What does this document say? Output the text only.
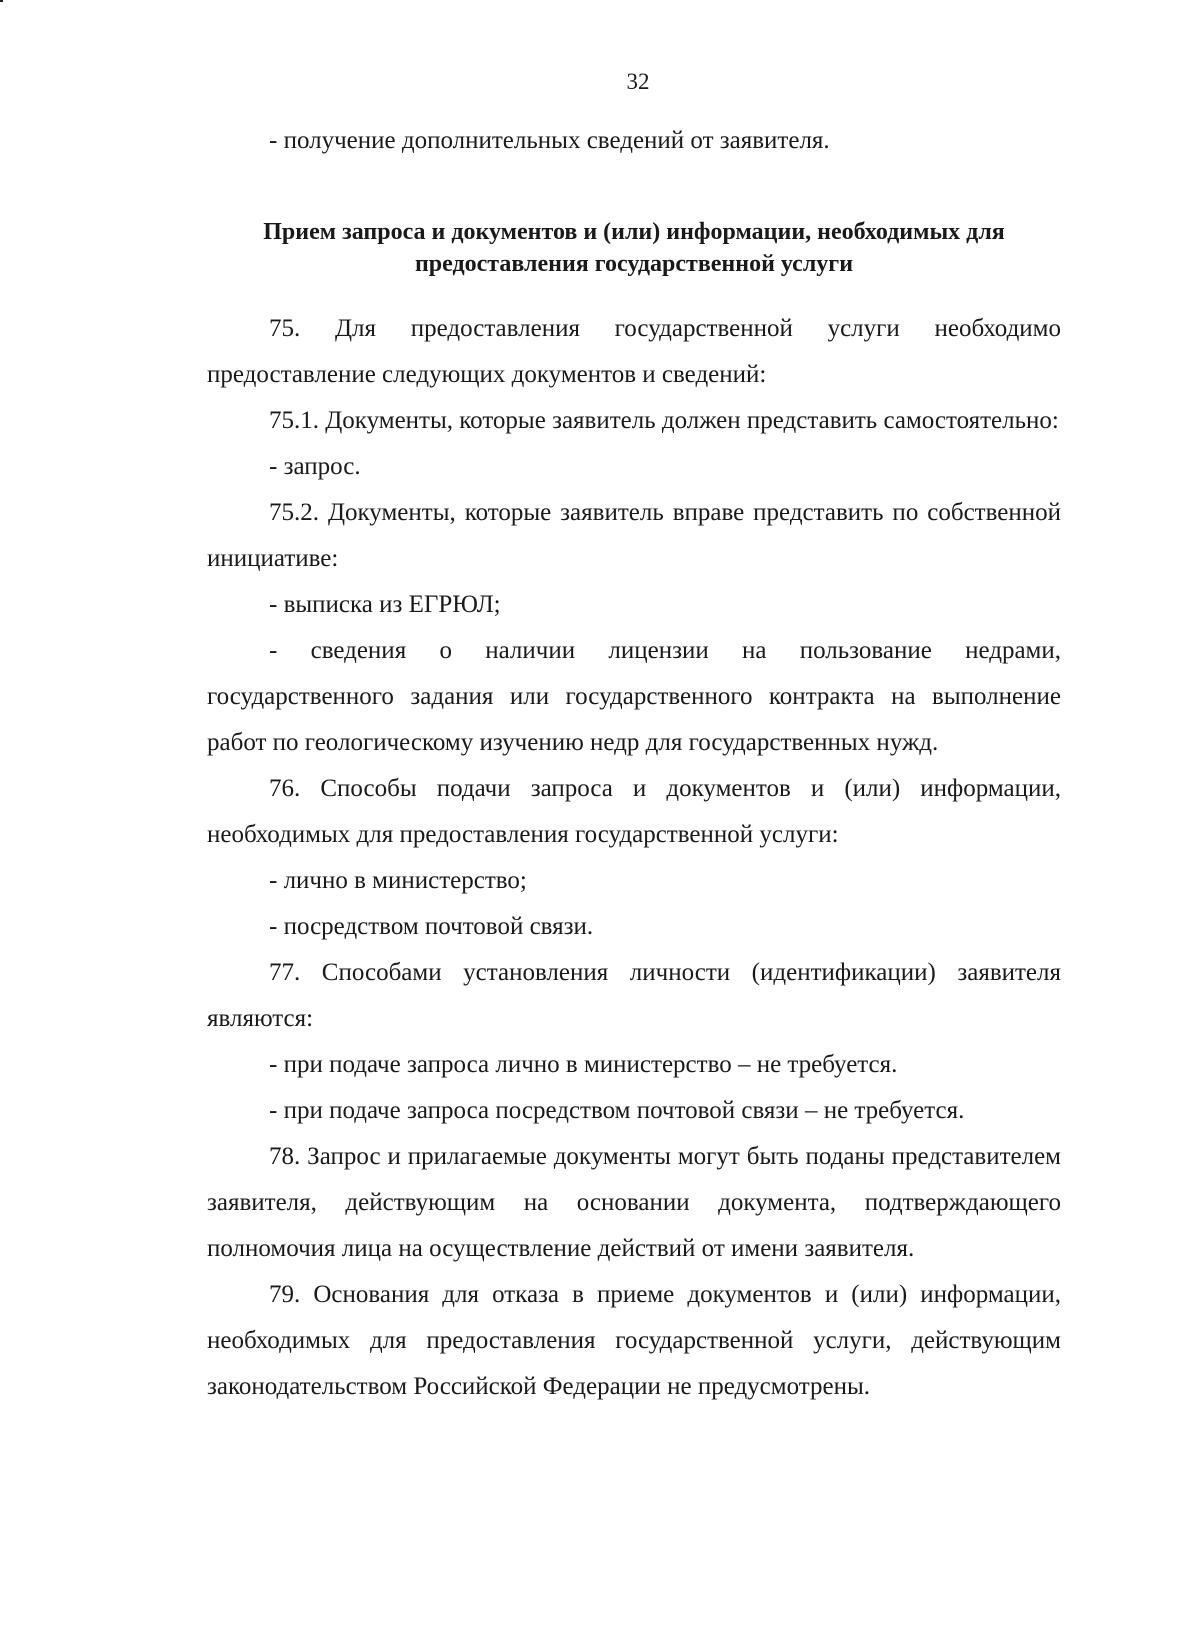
32

- получение дополнительных сведений от заявителя.

Прием запроса и документов и (или) информации, необходимых для предоставления государственной услуги

75. Для предоставления государственной услуги необходимо предоставление следующих документов и сведений:

75.1. Документы, которые заявитель должен представить самостоятельно:

- запрос.

75.2. Документы, которые заявитель вправе представить по собственной инициативе:

- выписка из ЕГРЮЛ;

- сведения о наличии лицензии на пользование недрами, государственного задания или государственного контракта на выполнение работ по геологическому изучению недр для государственных нужд.

76. Способы подачи запроса и документов и (или) информации, необходимых для предоставления государственной услуги:

- лично в министерство;

- посредством почтовой связи.

77. Способами установления личности (идентификации) заявителя являются:

- при подаче запроса лично в министерство – не требуется.

- при подаче запроса посредством почтовой связи – не требуется.

78. Запрос и прилагаемые документы могут быть поданы представителем заявителя, действующим на основании документа, подтверждающего полномочия лица на осуществление действий от имени заявителя.

79. Основания для отказа в приеме документов и (или) информации, необходимых для предоставления государственной услуги, действующим законодательством Российской Федерации не предусмотрены.
